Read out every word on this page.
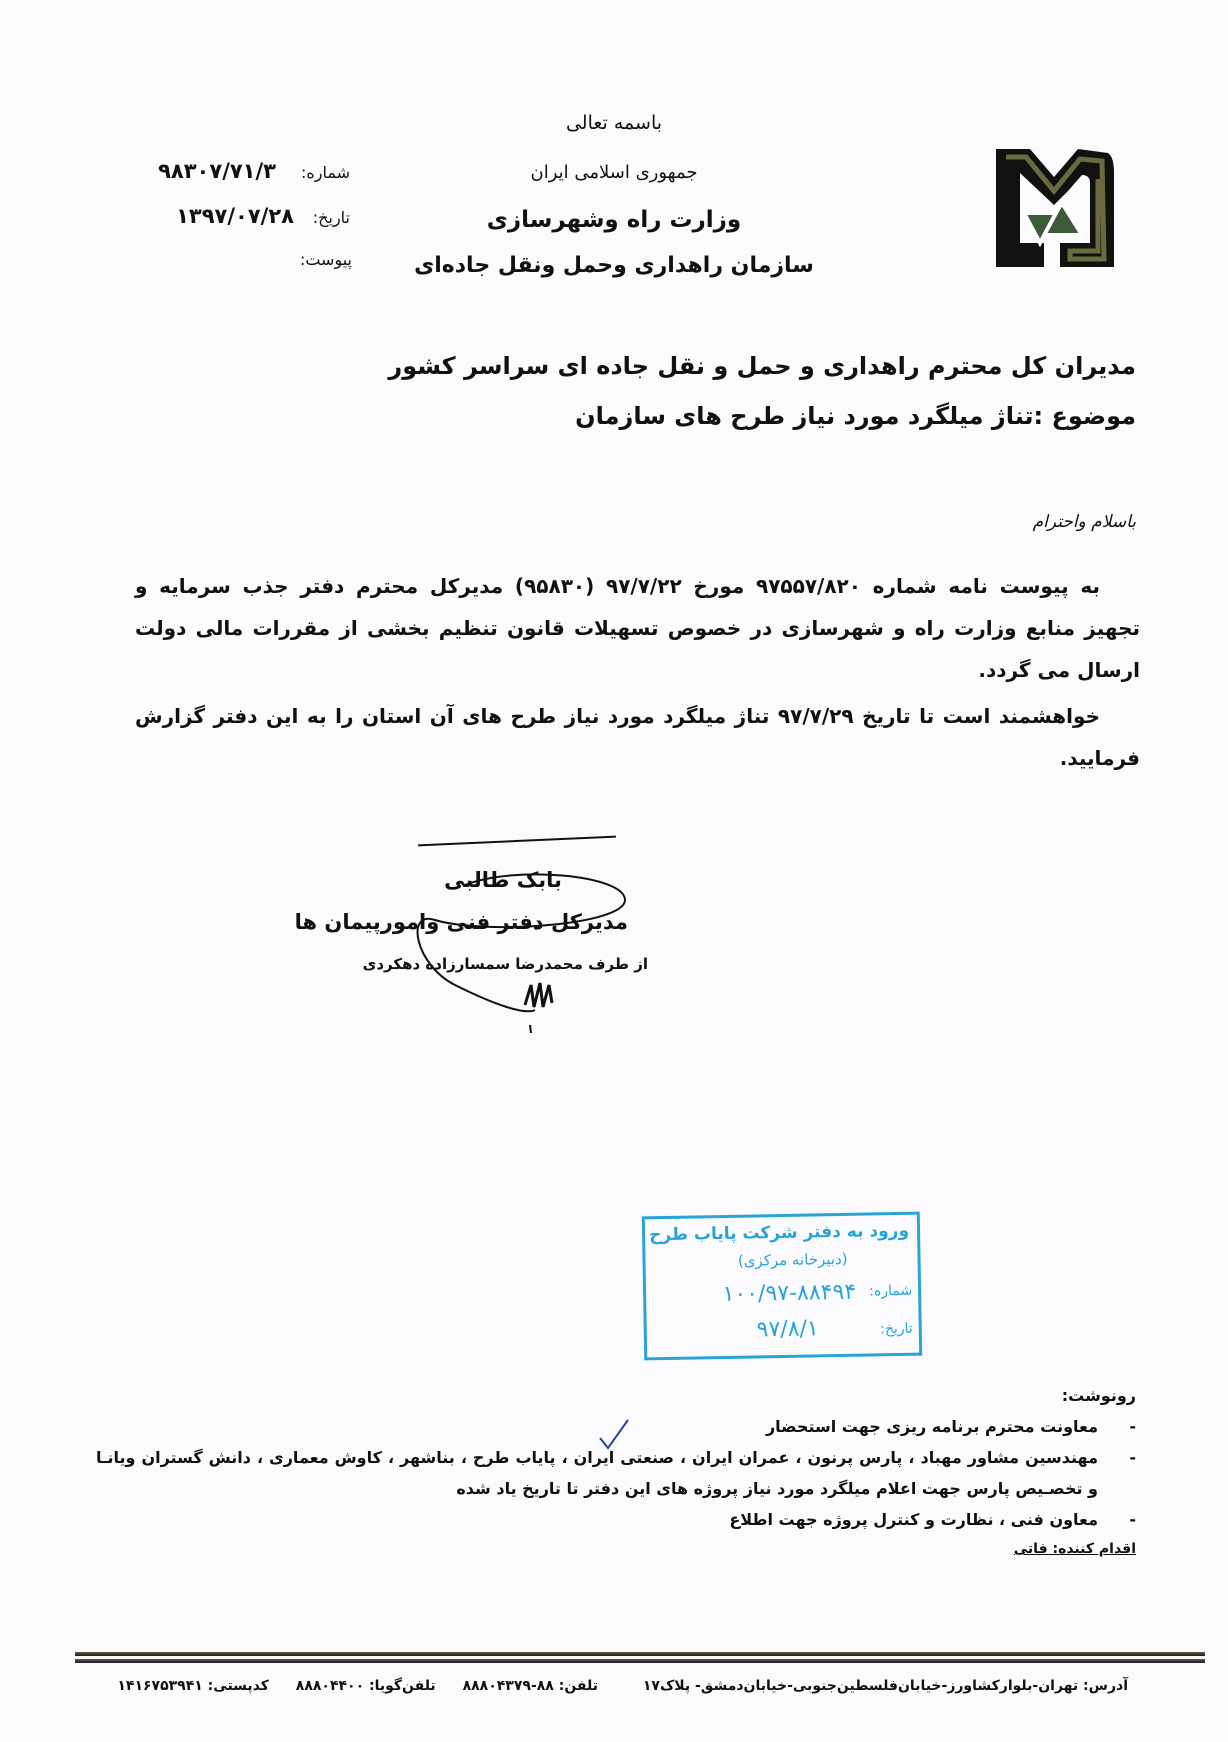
باسمه تعالی
جمهوری اسلامی ایران
وزارت راه وشهرسازی
سازمان راهداری وحمل ونقل جاده‌ای
شماره:
۹۸۳۰۷/۷۱/۳
تاریخ:
۱۳۹۷/۰۷/۲۸
پیوست:
مدیران کل محترم راهداری و حمل و نقل جاده ای سراسر کشور
موضوع :تناژ میلگرد مورد نیاز طرح های سازمان
باسلام واحترام
به پیوست نامه شماره ۹۷۵۵۷/۸۲۰ مورخ ۹۷/۷/۲۲ (۹۵۸۳۰) مدیرکل محترم دفتر جذب سرمایه و تجهیز منابع وزارت راه و شهرسازی در خصوص تسهیلات قانون تنظیم بخشی از مقررات مالی دولت ارسال می گردد.
خواهشمند است تا تاریخ ۹۷/۷/۲۹ تناژ میلگرد مورد نیاز طرح های آن استان را به این دفتر گزارش فرمایید.
بابک طالبی
مدیرکل دفتر فنی وامورپیمان ها
از طرف محمدرضا سمسارزاده دهکردی
ورود به دفتر شرکت پایاب طرح
(دبیرخانه مرکزی)
شماره:
۱۰۰/۹۷-۸۸۴۹۴
تاریخ:
۹۷/۸/۱
رونوشت:
-
معاونت محترم برنامه ریزی جهت استحضار
-
مهندسین مشاور مهباد ، پارس پرنون ، عمران ایران ، صنعتی ایران ، پایاب طرح ، بناشهر ، کاوش معماری ، دانش گستران ویانـا و تخصـیص پارس جهت اعلام میلگرد مورد نیاز پروژه های این دفتر تا تاریخ یاد شده
-
معاون فنی ، نظارت و کنترل پروژه جهت اطلاع
اقدام کننده: فاتی
آدرس: تهران-بلوارکشاورز-خیابان‌فلسطین‌جنوبی-خیابان‌دمشق- پلاک۱۷ تلفن: ۸۸-۸۸۸۰۴۳۷۹ تلفن‌گویا: ۸۸۸۰۴۴۰۰ کدپستی: ۱۴۱۶۷۵۳۹۴۱
